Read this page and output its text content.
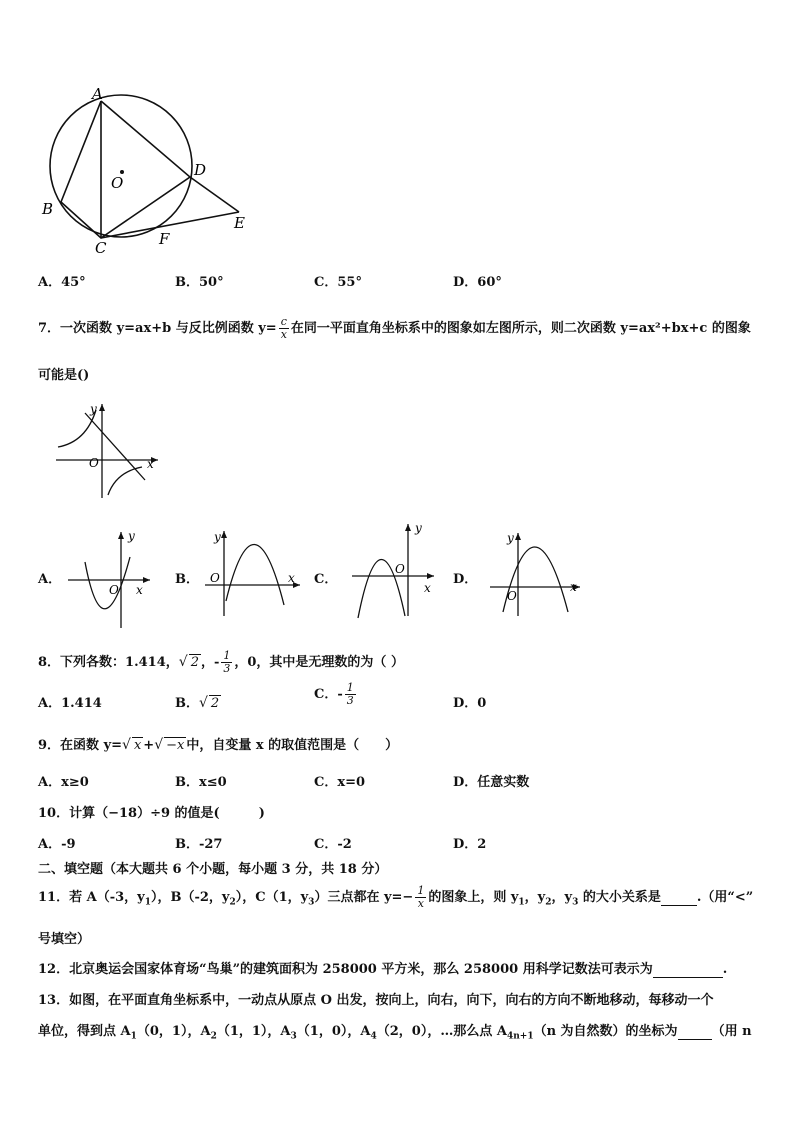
A
B
C
D
E
F
O
A．45°	B．50°	C．55°	D．60°
7．一次函数 y=ax+b 与反比例函数 $y= \frac{c}{x}$ 在同一平面直角坐标系中的图象如左图所示，则二次函数 y=ax²+bx+c 的图象
可能是()
y
x
O
A．	B．	C．	D．
y
x
O
y
x
O
y
x
O
y
x
O
8．下列各数：1.414，√ 2 ，- $\frac{1}{3}$ ，0，其中是无理数的为（ ）
A．1.414	B．√ 2
C．- $\frac{1}{3}$	D．0
9．在函数 y=√ x +√ −x 中，自变量 x 的取值范围是（　　）
A．x≥0	B．x≤0	C．x=0	D．任意实数
10．计算（−18）÷9 的值是(　　　)
A．-9	B．-27	C．-2	D．2
二、填空题（本大题共 6 个小题，每小题 3 分，共 18 分）
11．若 A（-3，$y_1$），B（-2，$y_2$），C（1，$y_3$）三点都在 $y=- \frac{1}{x}$ 的图象上，则 $y_1$，$y_2$，$y_3$ 的大小关系是	.（用“<”
号填空）
12．北京奥运会国家体育场“鸟巢”的建筑面积为 258000 平方米，那么 258000 用科学记数法可表示为	.
13．如图，在平面直角坐标系中，一动点从原点 O 出发，按向上，向右，向下，向右的方向不断地移动，每移动一个
单位，得到点 $A_1(0$，1），$A_2(1$，1），$A_3(1$，0），$A_4(2$，0），…那么点 $A_{4n+1}(n$ 为自然数）的坐标为	（用 n
